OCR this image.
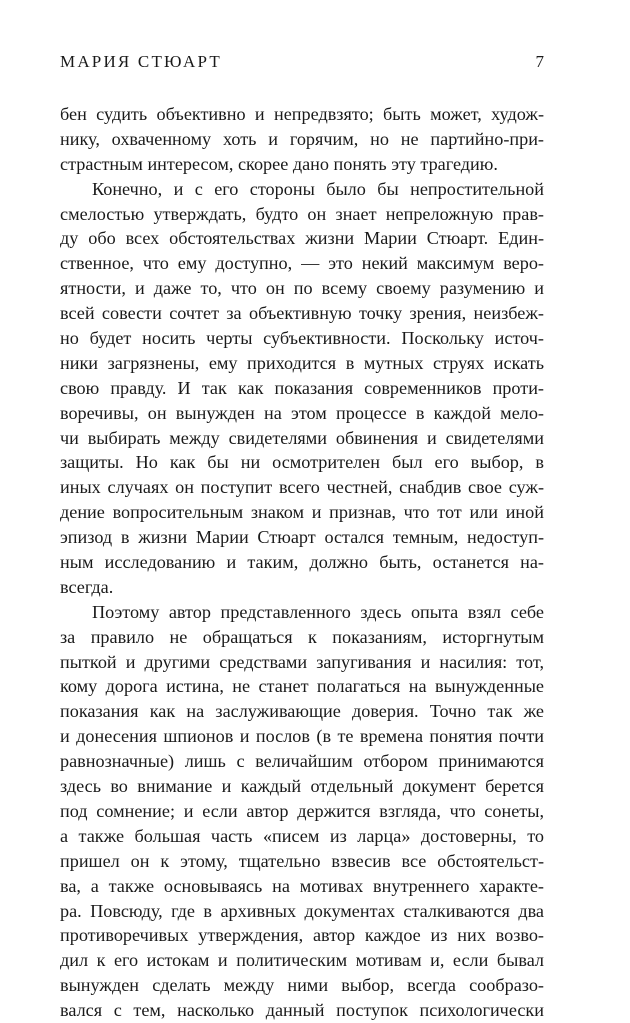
МАРИЯ СТЮАРТ	7
бен судить объективно и непредвзято; быть может, худож-
нику, охваченному хоть и горячим, но не партийно-при-
страстным интересом, скорее дано понять эту трагедию.
Конечно, и с его стороны было бы непростительной
смелостью утверждать, будто он знает непреложную прав-
ду обо всех обстоятельствах жизни Марии Стюарт. Един-
ственное, что ему доступно, — это некий максимум веро-
ятности, и даже то, что он по всему своему разумению и
всей совести сочтет за объективную точку зрения, неизбеж-
но будет носить черты субъективности. Поскольку источ-
ники загрязнены, ему приходится в мутных струях искать
свою правду. И так как показания современников проти-
воречивы, он вынужден на этом процессе в каждой мело-
чи выбирать между свидетелями обвинения и свидетелями
защиты. Но как бы ни осмотрителен был его выбор, в
иных случаях он поступит всего честней, снабдив свое суж-
дение вопросительным знаком и признав, что тот или иной
эпизод в жизни Марии Стюарт остался темным, недоступ-
ным исследованию и таким, должно быть, останется на-
всегда.
Поэтому автор представленного здесь опыта взял себе
за правило не обращаться к показаниям, исторгнутым
пыткой и другими средствами запугивания и насилия: тот,
кому дорога истина, не станет полагаться на вынужденные
показания как на заслуживающие доверия. Точно так же
и донесения шпионов и послов (в те времена понятия почти
равнозначные) лишь с величайшим отбором принимаются
здесь во внимание и каждый отдельный документ берется
под сомнение; и если автор держится взгляда, что сонеты,
а также большая часть «писем из ларца» достоверны, то
пришел он к этому, тщательно взвесив все обстоятельст-
ва, а также основываясь на мотивах внутреннего характе-
ра. Повсюду, где в архивных документах сталкиваются два
противоречивых утверждения, автор каждое из них возво-
дил к его истокам и политическим мотивам и, если бывал
вынужден сделать между ними выбор, всегда сообразо-
вался с тем, насколько данный поступок психологически
